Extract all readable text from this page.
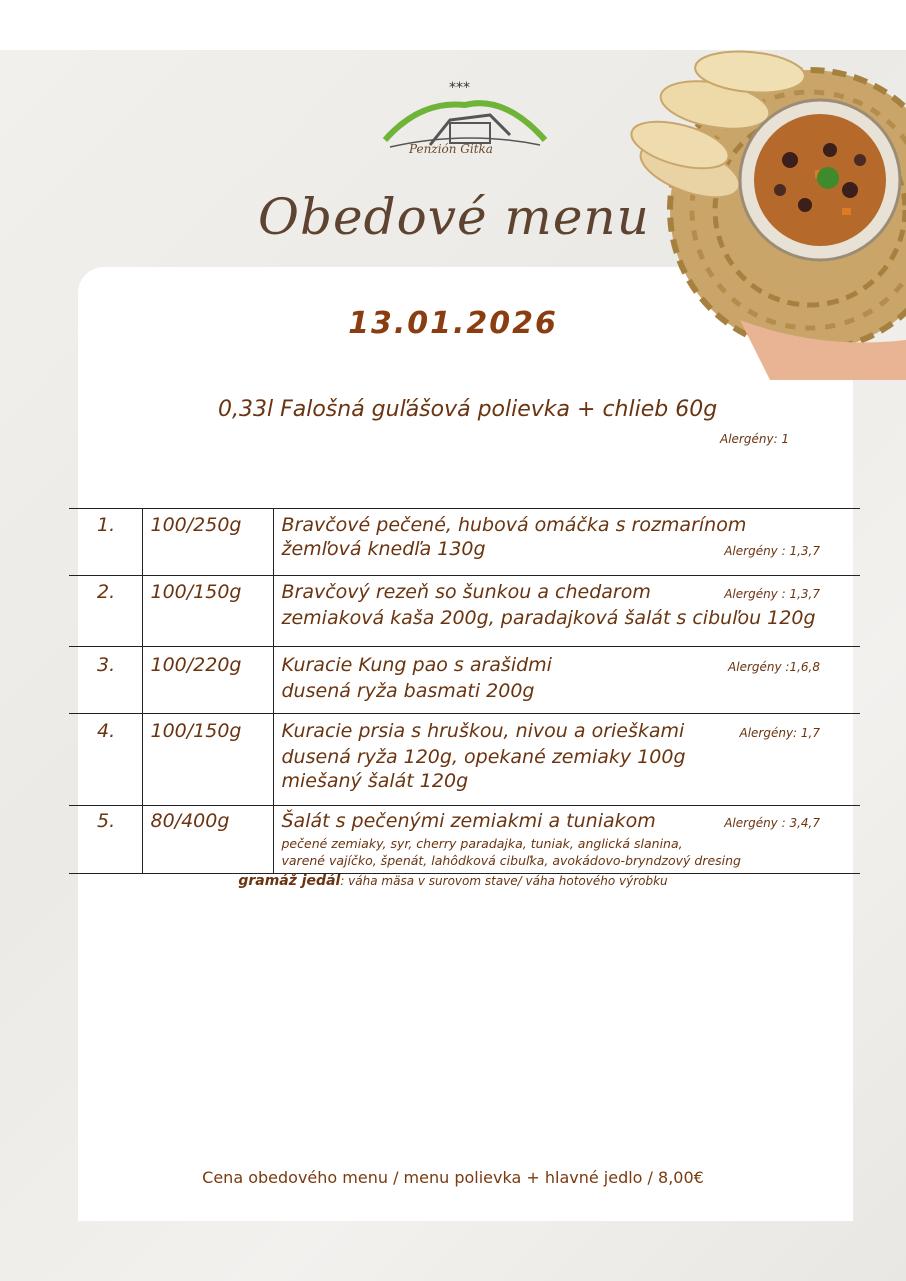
***
Penzión Gitka
Obedové menu
13.01.2026
0,33l Falošná guľášová polievka + chlieb 60g
Alergény: 1
1.	100/250g	Bravčové pečené, hubová omáčka s rozmarínom
žemľová knedľa 130g Alergény : 1,3,7

2.	100/150g	Bravčový rezeň so šunkou a chedarom Alergény : 1,3,7
zemiaková kaša 200g, paradajková šalát s cibuľou 120g

3.	100/220g	Kuracie Kung pao s arašidmi Alergény :1,6,8
dusená ryža basmati 200g

4.	100/150g	Kuracie prsia s hruškou, nivou a orieškami Alergény: 1,7
dusená ryža 120g, opekané zemiaky 100g
miešaný šalát 120g

5.	80/400g	Šalát s pečenými zemiakmi a tuniakom Alergény : 3,4,7
pečené zemiaky, syr, cherry paradajka, tuniak, anglická slanina,
varené vajíčko, špenát, lahôdková cibuľka, avokádovo-bryndzový dresing
gramáž jedál: váha mäsa v surovom stave/ váha hotového výrobku
Cena obedového menu / menu polievka + hlavné jedlo / 8,00€
